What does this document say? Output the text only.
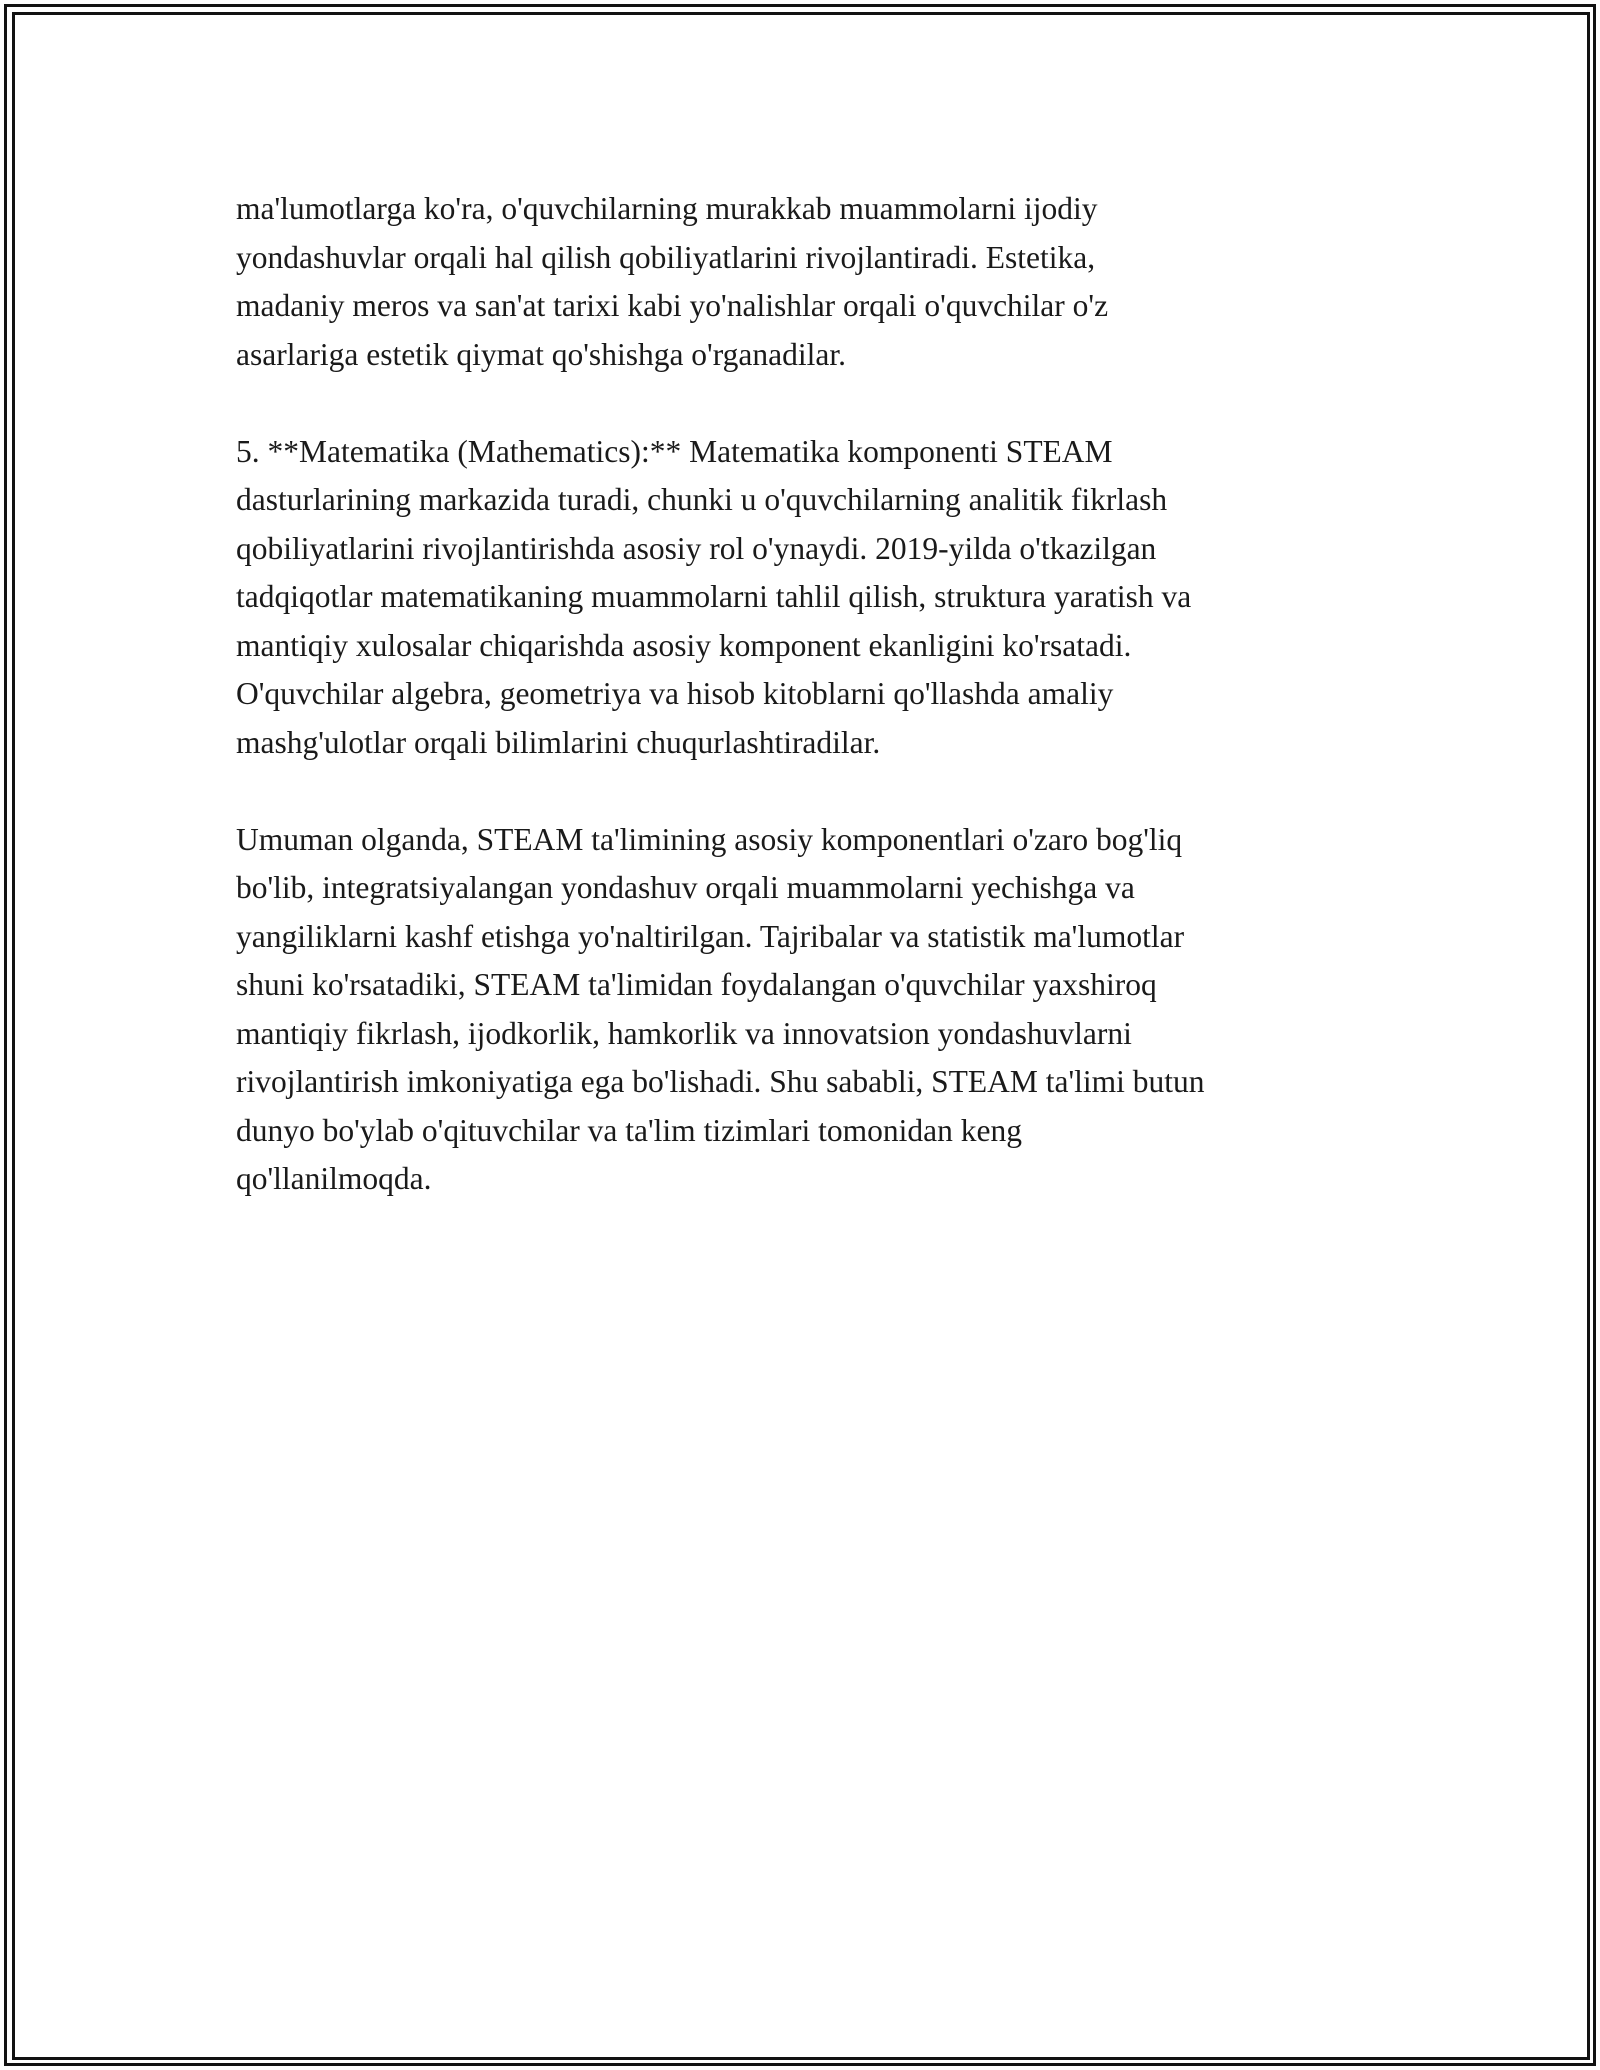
ma'lumotlarga ko'ra, o'quvchilarning murakkab muammolarni ijodiy
yondashuvlar orqali hal qilish qobiliyatlarini rivojlantiradi. Estetika,
madaniy meros va san'at tarixi kabi yo'nalishlar orqali o'quvchilar o'z
asarlariga estetik qiymat qo'shishga o'rganadilar.

5. **Matematika (Mathematics):** Matematika komponenti STEAM
dasturlarining markazida turadi, chunki u o'quvchilarning analitik fikrlash
qobiliyatlarini rivojlantirishda asosiy rol o'ynaydi. 2019-yilda o'tkazilgan
tadqiqotlar matematikaning muammolarni tahlil qilish, struktura yaratish va
mantiqiy xulosalar chiqarishda asosiy komponent ekanligini ko'rsatadi.
O'quvchilar algebra, geometriya va hisob kitoblarni qo'llashda amaliy
mashg'ulotlar orqali bilimlarini chuqurlashtiradilar.

Umuman olganda, STEAM ta'limining asosiy komponentlari o'zaro bog'liq
bo'lib, integratsiyalangan yondashuv orqali muammolarni yechishga va
yangiliklarni kashf etishga yo'naltirilgan. Tajribalar va statistik ma'lumotlar
shuni ko'rsatadiki, STEAM ta'limidan foydalangan o'quvchilar yaxshiroq
mantiqiy fikrlash, ijodkorlik, hamkorlik va innovatsion yondashuvlarni
rivojlantirish imkoniyatiga ega bo'lishadi. Shu sababli, STEAM ta'limi butun
dunyo bo'ylab o'qituvchilar va ta'lim tizimlari tomonidan keng
qo'llanilmoqda.
